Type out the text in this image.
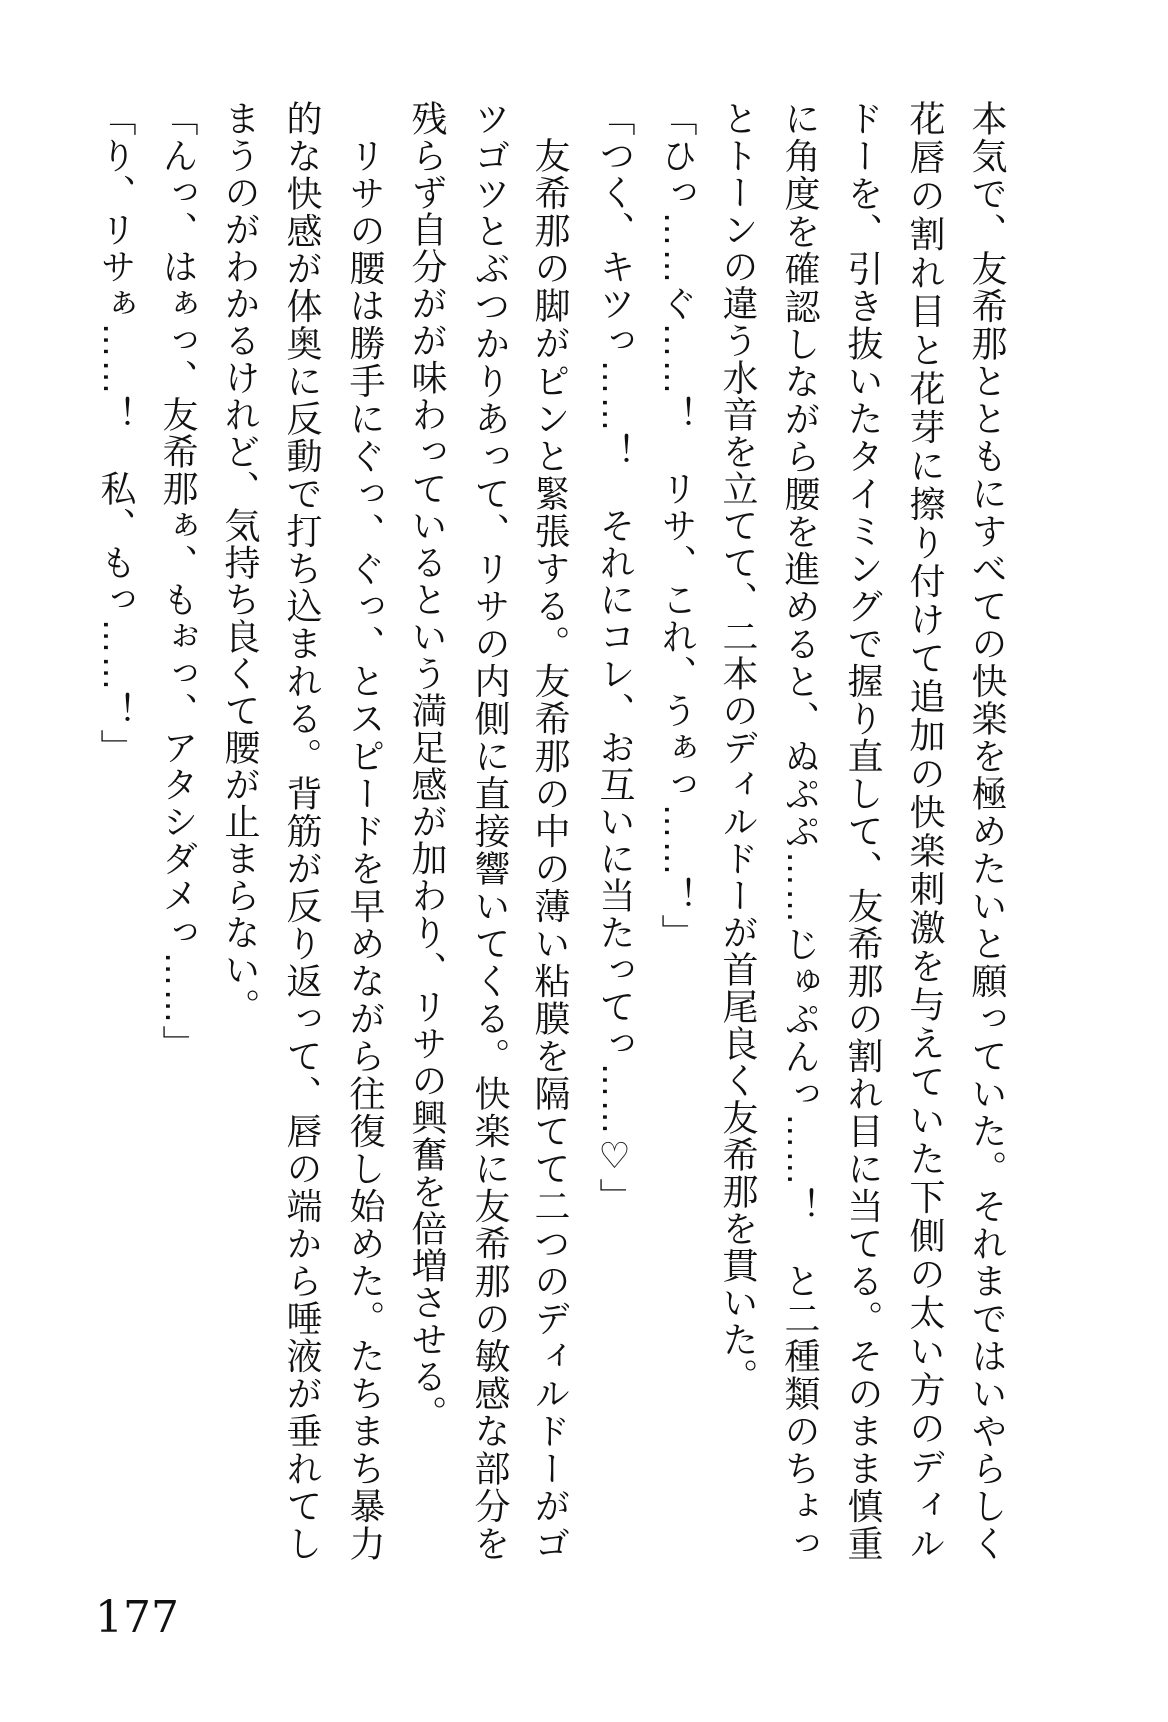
本気で、友希那とともにすべての快楽を極めたいと願っていた。それまではいやらしく
花唇の割れ目と花芽に擦り付けて追加の快楽刺激を与えていた下側の太い方のディル
ドーを、引き抜いたタイミングで握り直して、友希那の割れ目に当てる。そのまま慎重
に角度を確認しながら腰を進めると、ぬぷぷ……じゅぷんっ……！　と二種類のちょっ
とトーンの違う水音を立てて、二本のディルドーが首尾良く友希那を貫いた。
「ひっ……ぐ……！　リサ、これ、うぁっ……！」
「つく、キツっ……！　それにコレ、お互いに当たってっ……♡」
友希那の脚がピンと緊張する。友希那の中の薄い粘膜を隔てて二つのディルドーがゴ
ツゴツとぶつかりあって、リサの内側に直接響いてくる。快楽に友希那の敏感な部分を
残らず自分がが味わっているという満足感が加わり、リサの興奮を倍増させる。
リサの腰は勝手にぐっ、ぐっ、とスピードを早めながら往復し始めた。たちまち暴力
的な快感が体奥に反動で打ち込まれる。背筋が反り返って、唇の端から唾液が垂れてし
まうのがわかるけれど、気持ち良くて腰が止まらない。
「んっ、はぁっ、友希那ぁ、もぉっ、アタシダメっ……」
「り、リサぁ……！　私、もっ……！」
177
